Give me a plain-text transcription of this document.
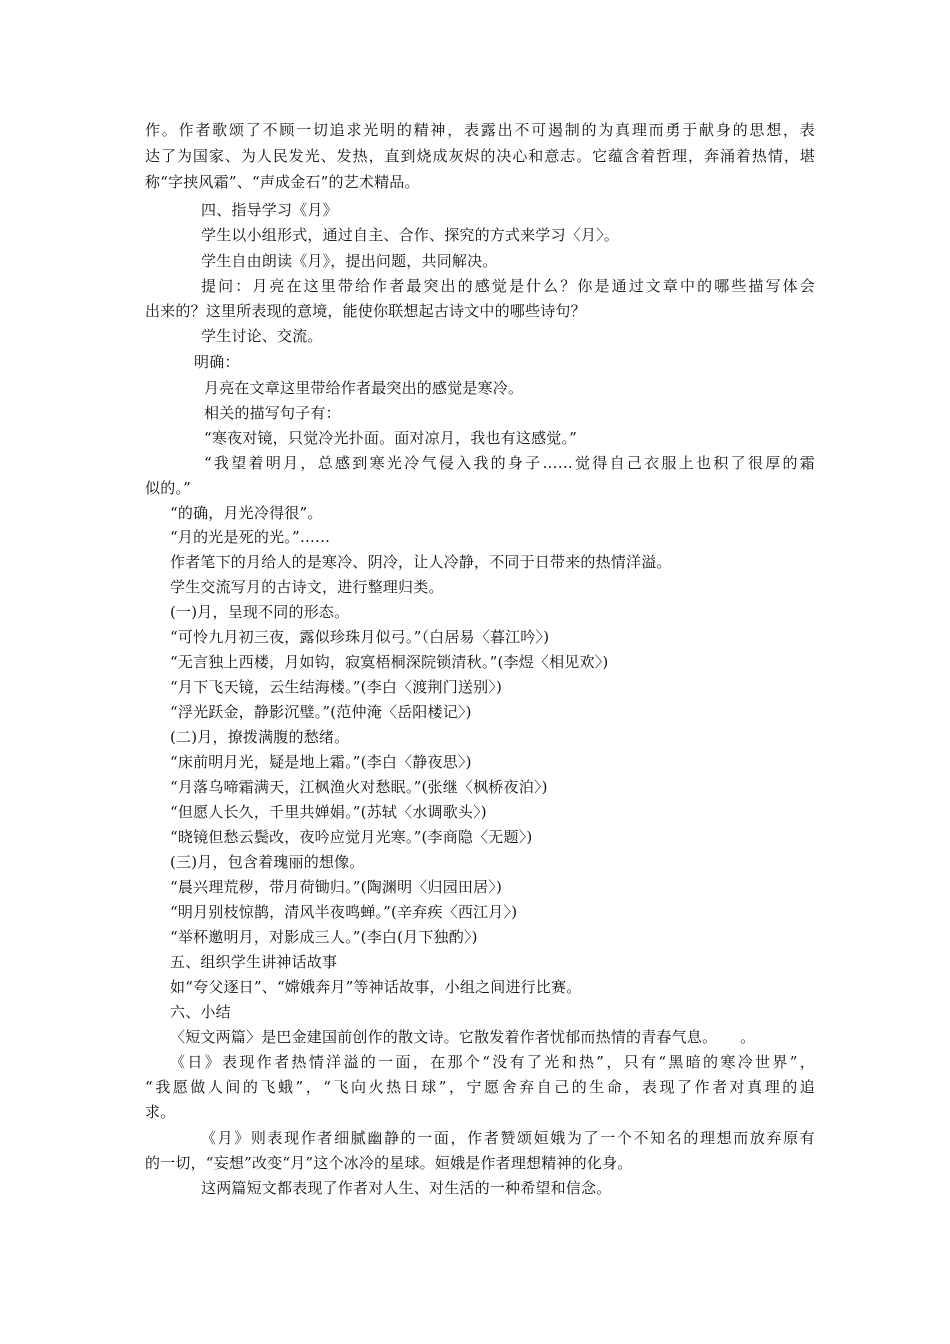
作。作者歌颂了不顾一切追求光明的精神，表露出不可遏制的为真理而勇于献身的思想，表
达了为国家、为人民发光、发热，直到烧成灰烬的决心和意志。它蕴含着哲理，奔涌着热情，堪
称“字挟风霜”、“声成金石”的艺术精品。
四、指导学习《月》
学生以小组形式，通过自主、合作、探究的方式来学习〈月〉。
学生自由朗读《月》，提出问题，共同解决。
提问：月亮在这里带给作者最突出的感觉是什么？你是通过文章中的哪些描写体会
出来的？这里所表现的意境，能使你联想起古诗文中的哪些诗句？
学生讨论、交流。
明确：
月亮在文章这里带给作者最突出的感觉是寒冷。
相关的描写句子有：
“寒夜对镜，只觉冷光扑面。面对凉月，我也有这感觉。”
“我望着明月，总感到寒光冷气侵入我的身子……觉得自己衣服上也积了很厚的霜
似的。”
“的确，月光冷得很”。
“月的光是死的光。”……
作者笔下的月给人的是寒冷、阴冷，让人冷静，不同于日带来的热情洋溢。
学生交流写月的古诗文，进行整理归类。
(一)月，呈现不同的形态。
“可怜九月初三夜，露似珍珠月似弓。”（白居易〈暮江吟〉)
“无言独上西楼，月如钩，寂寞梧桐深院锁清秋。”(李煜〈相见欢〉)
“月下飞天镜，云生结海楼。”(李白〈渡荆门送别〉)
“浮光跃金，静影沉璧。”(范仲淹〈岳阳楼记〉)
(二)月，撩拨满腹的愁绪。
“床前明月光，疑是地上霜。”(李白〈静夜思〉)
“月落乌啼霜满天，江枫渔火对愁眠。”(张继〈枫桥夜泊〉)
“但愿人长久，千里共婵娟。”(苏轼〈水调歌头〉)
“晓镜但愁云鬓改，夜吟应觉月光寒。”(李商隐〈无题〉)
(三)月，包含着瑰丽的想像。
“晨兴理荒秽，带月荷锄归。”(陶渊明〈归园田居〉)
“明月别枝惊鹊，清风半夜鸣蝉。”(辛弃疾〈西江月〉)
“举杯邀明月，对影成三人。”(李白(月下独酌〉)
五、组织学生讲神话故事
如“夸父逐日”、“嫦娥奔月”等神话故事，小组之间进行比赛。
六、小结
〈短文两篇〉是巴金建国前创作的散文诗。它散发着作者忧郁而热情的青春气息。　　。
《日》表现作者热情洋溢的一面，在那个“没有了光和热”，只有“黑暗的寒冷世界”，
“我愿做人间的飞蛾”，“飞向火热日球”，宁愿舍弃自己的生命，表现了作者对真理的追
求。
《月》则表现作者细腻幽静的一面，作者赞颂姮娥为了一个不知名的理想而放弃原有
的一切，“妄想”改变“月”这个冰冷的星球。姮娥是作者理想精神的化身。
这两篇短文都表现了作者对人生、对生活的一种希望和信念。
